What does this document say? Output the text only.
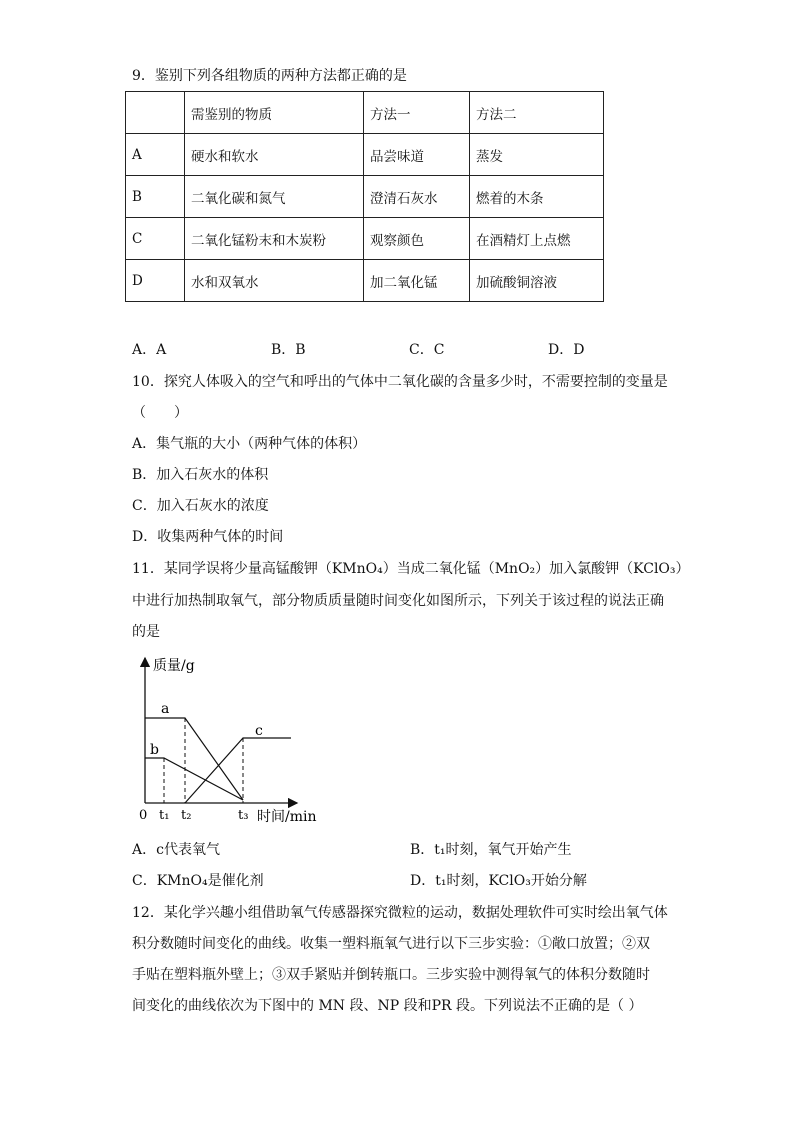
9．鉴别下列各组物质的两种方法都正确的是
	需鉴别的物质	方法一	方法二
A	硬水和软水	品尝味道	蒸发
B	二氧化碳和氮气	澄清石灰水	燃着的木条
C	二氧化锰粉末和木炭粉	观察颜色	在酒精灯上点燃
D	水和双氧水	加二氧化锰	加硫酸铜溶液
A．A	B．B	C．C	D．D
10．探究人体吸入的空气和呼出的气体中二氧化碳的含量多少时，不需要控制的变量是
（　　）
A．集气瓶的大小（两种气体的体积）
B．加入石灰水的体积
C．加入石灰水的浓度
D．收集两种气体的时间
11．某同学误将少量高锰酸钾（KMnO₄）当成二氧化锰（MnO₂）加入氯酸钾（KClO₃）
中进行加热制取氧气，部分物质质量随时间变化如图所示，下列关于该过程的说法正确
的是
质量/g
时间/min
0 t₁ t₂	t₃
a
b
c
A．c代表氧气	B．t₁时刻，氧气开始产生
C．KMnO₄是催化剂	D．t₁时刻，KClO₃开始分解
12．某化学兴趣小组借助氧气传感器探究微粒的运动，数据处理软件可实时绘出氧气体
积分数随时间变化的曲线。收集一塑料瓶氧气进行以下三步实验：①敞口放置；②双
手贴在塑料瓶外壁上；③双手紧贴并倒转瓶口。三步实验中测得氧气的体积分数随时
间变化的曲线依次为下图中的 MN 段、NP 段和PR 段。下列说法不正确的是（ ）
